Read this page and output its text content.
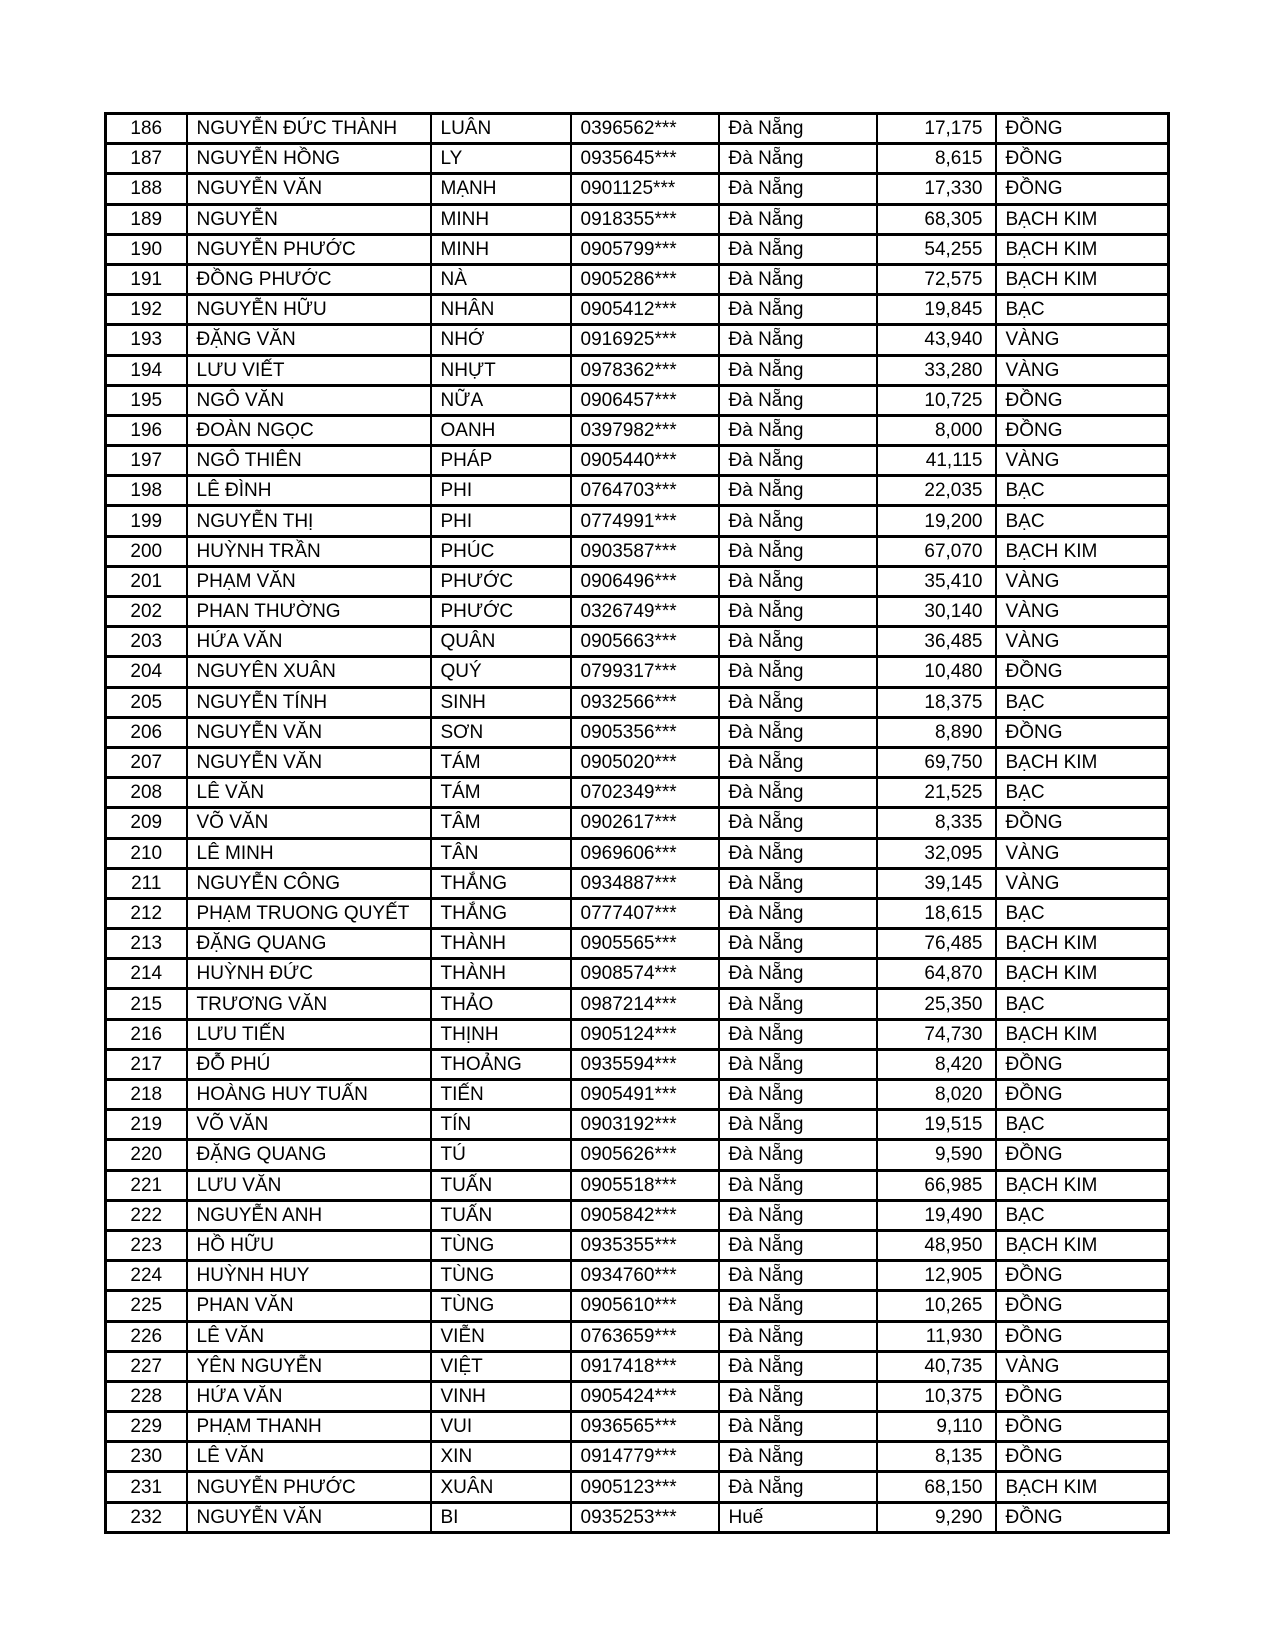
186	NGUYỄN ĐỨC THÀNH	LUÂN	0396562***	Đà Nẵng	17,175	ĐỒNG
187	NGUYỄN HỒNG	LY	0935645***	Đà Nẵng	8,615	ĐỒNG
188	NGUYỄN VĂN	MẠNH	0901125***	Đà Nẵng	17,330	ĐỒNG
189	NGUYỄN	MINH	0918355***	Đà Nẵng	68,305	BẠCH KIM
190	NGUYỄN PHƯỚC	MINH	0905799***	Đà Nẵng	54,255	BẠCH KIM
191	ĐỒNG PHƯỚC	NÀ	0905286***	Đà Nẵng	72,575	BẠCH KIM
192	NGUYỄN HỮU	NHÂN	0905412***	Đà Nẵng	19,845	BẠC
193	ĐẶNG VĂN	NHỚ	0916925***	Đà Nẵng	43,940	VÀNG
194	LƯU VIẾT	NHỰT	0978362***	Đà Nẵng	33,280	VÀNG
195	NGÔ VĂN	NỮA	0906457***	Đà Nẵng	10,725	ĐỒNG
196	ĐOÀN NGỌC	OANH	0397982***	Đà Nẵng	8,000	ĐỒNG
197	NGÔ THIÊN	PHÁP	0905440***	Đà Nẵng	41,115	VÀNG
198	LÊ ĐÌNH	PHI	0764703***	Đà Nẵng	22,035	BẠC
199	NGUYỄN THỊ	PHI	0774991***	Đà Nẵng	19,200	BẠC
200	HUỲNH TRẦN	PHÚC	0903587***	Đà Nẵng	67,070	BẠCH KIM
201	PHẠM VĂN	PHƯỚC	0906496***	Đà Nẵng	35,410	VÀNG
202	PHAN THƯỜNG	PHƯỚC	0326749***	Đà Nẵng	30,140	VÀNG
203	HỨA VĂN	QUÂN	0905663***	Đà Nẵng	36,485	VÀNG
204	NGUYÊN XUÂN	QUÝ	0799317***	Đà Nẵng	10,480	ĐỒNG
205	NGUYỄN TÍNH	SINH	0932566***	Đà Nẵng	18,375	BẠC
206	NGUYỄN VĂN	SƠN	0905356***	Đà Nẵng	8,890	ĐỒNG
207	NGUYỄN VĂN	TÁM	0905020***	Đà Nẵng	69,750	BẠCH KIM
208	LÊ VĂN	TÁM	0702349***	Đà Nẵng	21,525	BẠC
209	VÕ VĂN	TÂM	0902617***	Đà Nẵng	8,335	ĐỒNG
210	LÊ MINH	TÂN	0969606***	Đà Nẵng	32,095	VÀNG
211	NGUYỄN CÔNG	THẮNG	0934887***	Đà Nẵng	39,145	VÀNG
212	PHẠM TRUONG QUYẾT	THẮNG	0777407***	Đà Nẵng	18,615	BẠC
213	ĐẶNG QUANG	THÀNH	0905565***	Đà Nẵng	76,485	BẠCH KIM
214	HUỲNH ĐỨC	THÀNH	0908574***	Đà Nẵng	64,870	BẠCH KIM
215	TRƯƠNG VĂN	THẢO	0987214***	Đà Nẵng	25,350	BẠC
216	LƯU TIẾN	THỊNH	0905124***	Đà Nẵng	74,730	BẠCH KIM
217	ĐỖ PHÚ	THOẢNG	0935594***	Đà Nẵng	8,420	ĐỒNG
218	HOÀNG HUY TUẤN	TIẾN	0905491***	Đà Nẵng	8,020	ĐỒNG
219	VÕ VĂN	TÍN	0903192***	Đà Nẵng	19,515	BẠC
220	ĐẶNG QUANG	TÚ	0905626***	Đà Nẵng	9,590	ĐỒNG
221	LƯU VĂN	TUẤN	0905518***	Đà Nẵng	66,985	BẠCH KIM
222	NGUYỄN ANH	TUẤN	0905842***	Đà Nẵng	19,490	BẠC
223	HỒ HỮU	TÙNG	0935355***	Đà Nẵng	48,950	BẠCH KIM
224	HUỲNH HUY	TÙNG	0934760***	Đà Nẵng	12,905	ĐỒNG
225	PHAN VĂN	TÙNG	0905610***	Đà Nẵng	10,265	ĐỒNG
226	LÊ VĂN	VIỄN	0763659***	Đà Nẵng	11,930	ĐỒNG
227	YÊN NGUYỄN	VIỆT	0917418***	Đà Nẵng	40,735	VÀNG
228	HỨA VĂN	VINH	0905424***	Đà Nẵng	10,375	ĐỒNG
229	PHẠM THANH	VUI	0936565***	Đà Nẵng	9,110	ĐỒNG
230	LÊ VĂN	XIN	0914779***	Đà Nẵng	8,135	ĐỒNG
231	NGUYỄN PHƯỚC	XUÂN	0905123***	Đà Nẵng	68,150	BẠCH KIM
232	NGUYỄN VĂN	BI	0935253***	Huế	9,290	ĐỒNG
